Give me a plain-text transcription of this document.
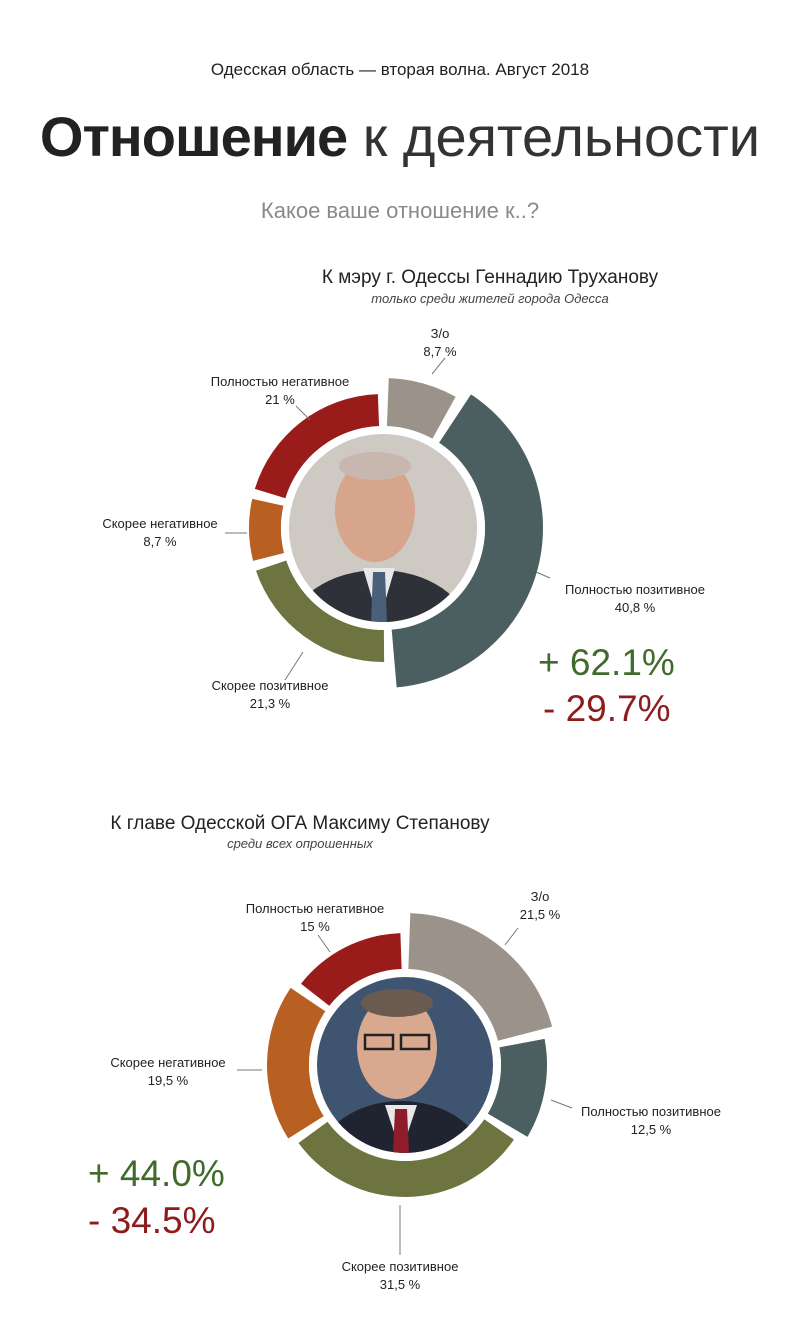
Одесская область — вторая волна. Август 2018
Отношение к деятельности
Какое ваше отношение к..?
К мэру г. Одессы Геннадию Труханову
только среди жителей города Одесса
З/о
8,7 %
Полностью негативное
21 %
Скорее негативное
8,7 %
Полностью позитивное
40,8 %
Скорее позитивное
21,3 %
+ 62.1%
- 29.7%
К главе Одесской ОГА Максиму Степанову
среди всех опрошенных
З/о
21,5 %
Полностью негативное
15 %
Скорее негативное
19,5 %
Полностью позитивное
12,5 %
Скорее позитивное
31,5 %
+ 44.0%
- 34.5%
